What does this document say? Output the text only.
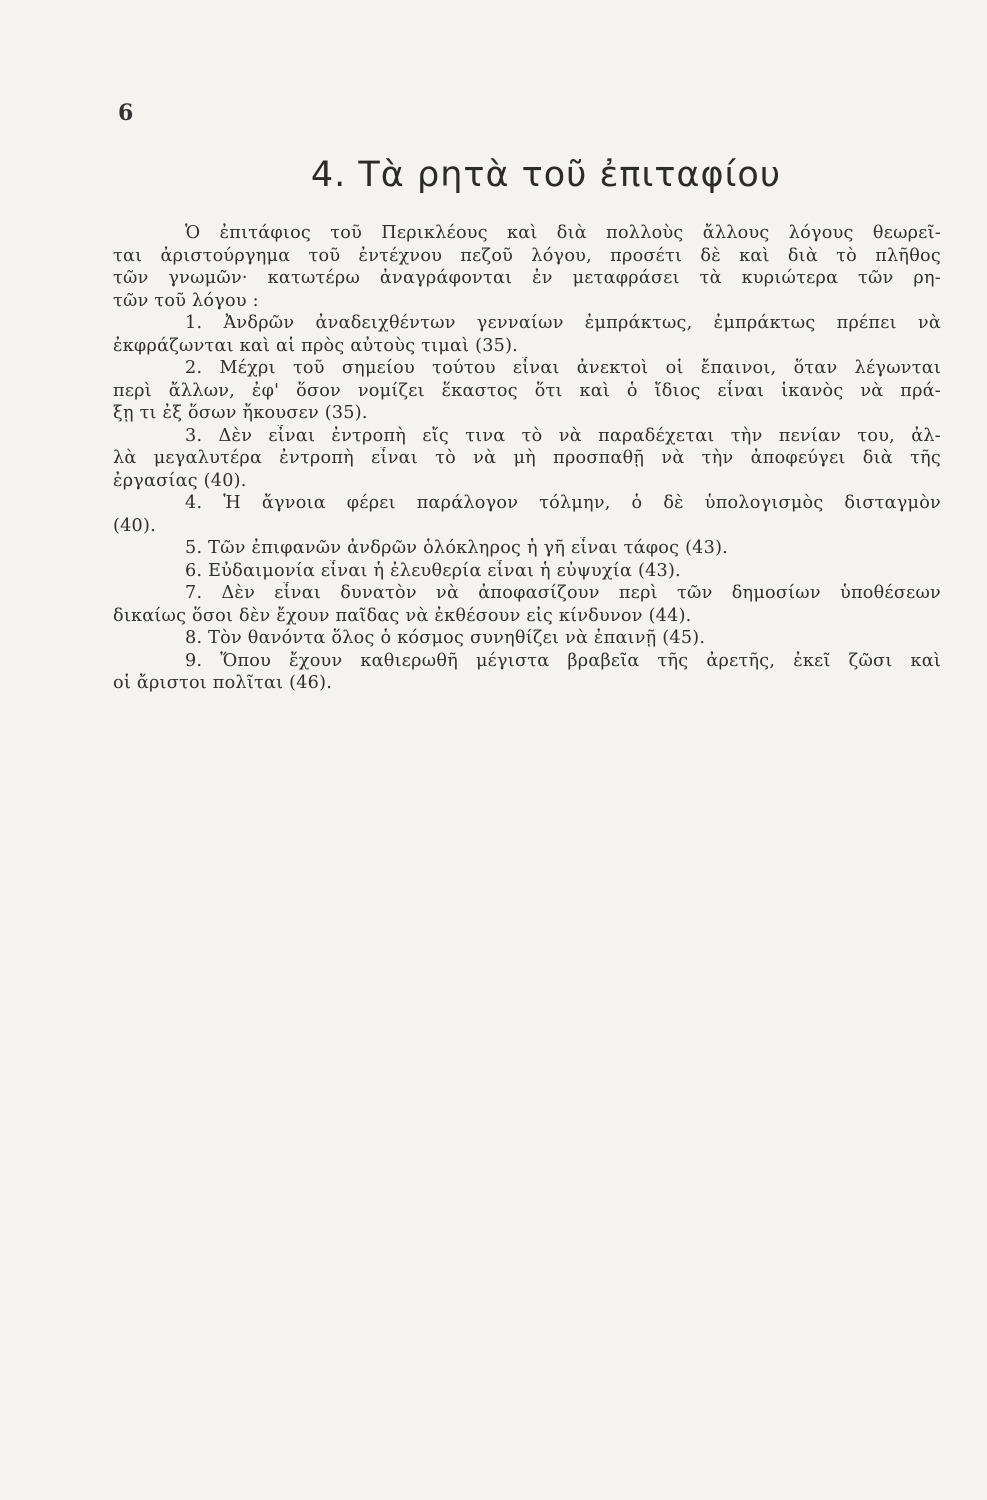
6
4. Τὰ ρητὰ τοῦ ἐπιταφίου
Ὁ ἐπιτάφιος τοῦ Περικλέους καὶ διὰ πολλοὺς ἄλλους λόγους θεωρεῖ-
ται ἀριστούργημα τοῦ ἐντέχνου πεζοῦ λόγου, προσέτι δὲ καὶ διὰ τὸ πλῆθος
τῶν γνωμῶν· κατωτέρω ἀναγράφονται ἐν μεταφράσει τὰ κυριώτερα τῶν ρη-
τῶν τοῦ λόγου :
1. Ἀνδρῶν ἀναδειχθέντων γενναίων ἐμπράκτως, ἐμπράκτως πρέπει νὰ
ἐκφράζωνται καὶ αἱ πρὸς αὐτοὺς τιμαὶ (35).
2. Μέχρι τοῦ σημείου τούτου εἶναι ἀνεκτοὶ οἱ ἔπαινοι, ὅταν λέγωνται
περὶ ἄλλων, ἐφ' ὅσον νομίζει ἕκαστος ὅτι καὶ ὁ ἴδιος εἶναι ἱκανὸς νὰ πρά-
ξῃ τι ἐξ ὅσων ἤκουσεν (35).
3. Δὲν εἶναι ἐντροπὴ εἴς τινα τὸ νὰ παραδέχεται τὴν πενίαν του, ἀλ-
λὰ μεγαλυτέρα ἐντροπὴ εἶναι τὸ νὰ μὴ προσπαθῇ νὰ τὴν ἀποφεύγει διὰ τῆς
ἐργασίας (40).
4. Ἡ ἄγνοια φέρει παράλογον τόλμην, ὁ δὲ ὑπολογισμὸς δισταγμὸν
(40).
5. Τῶν ἐπιφανῶν ἀνδρῶν ὁλόκληρος ἡ γῆ εἶναι τάφος (43).
6. Εὐδαιμονία εἶναι ἡ ἐλευθερία εἶναι ἡ εὐψυχία (43).
7. Δὲν εἶναι δυνατὸν νὰ ἀποφασίζουν περὶ τῶν δημοσίων ὑποθέσεων
δικαίως ὅσοι δὲν ἔχουν παῖδας νὰ ἐκθέσουν εἰς κίνδυνον (44).
8. Τὸν θανόντα ὅλος ὁ κόσμος συνηθίζει νὰ ἐπαινῇ (45).
9. Ὅπου ἔχουν καθιερωθῆ μέγιστα βραβεῖα τῆς ἀρετῆς, ἐκεῖ ζῶσι καὶ
οἱ ἄριστοι πολῖται (46).
